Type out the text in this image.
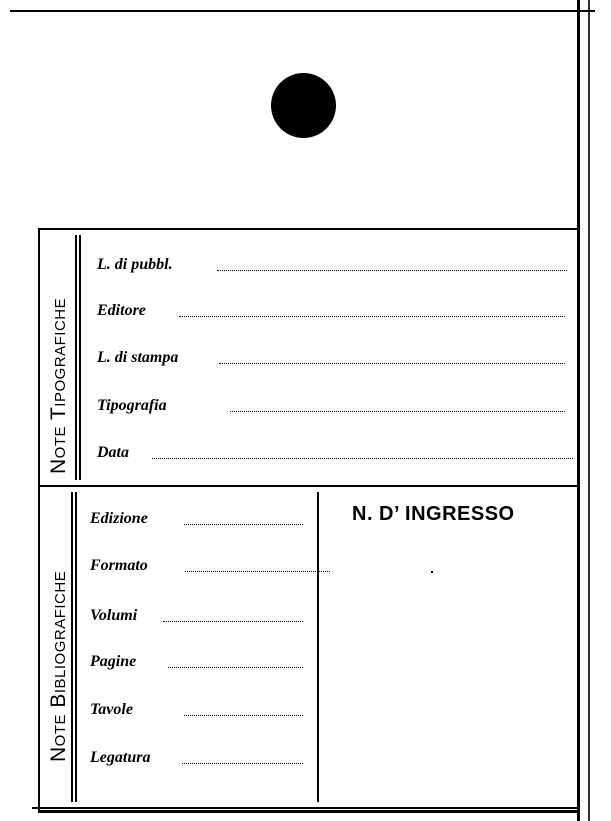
Note Tipografiche
Note Bibliografiche
L. di pubbl.
Editore
L. di stampa
Tipografia
Data
Edizione
Formato
Volumi
Pagine
Tavole
Legatura
N. D’ INGRESSO
